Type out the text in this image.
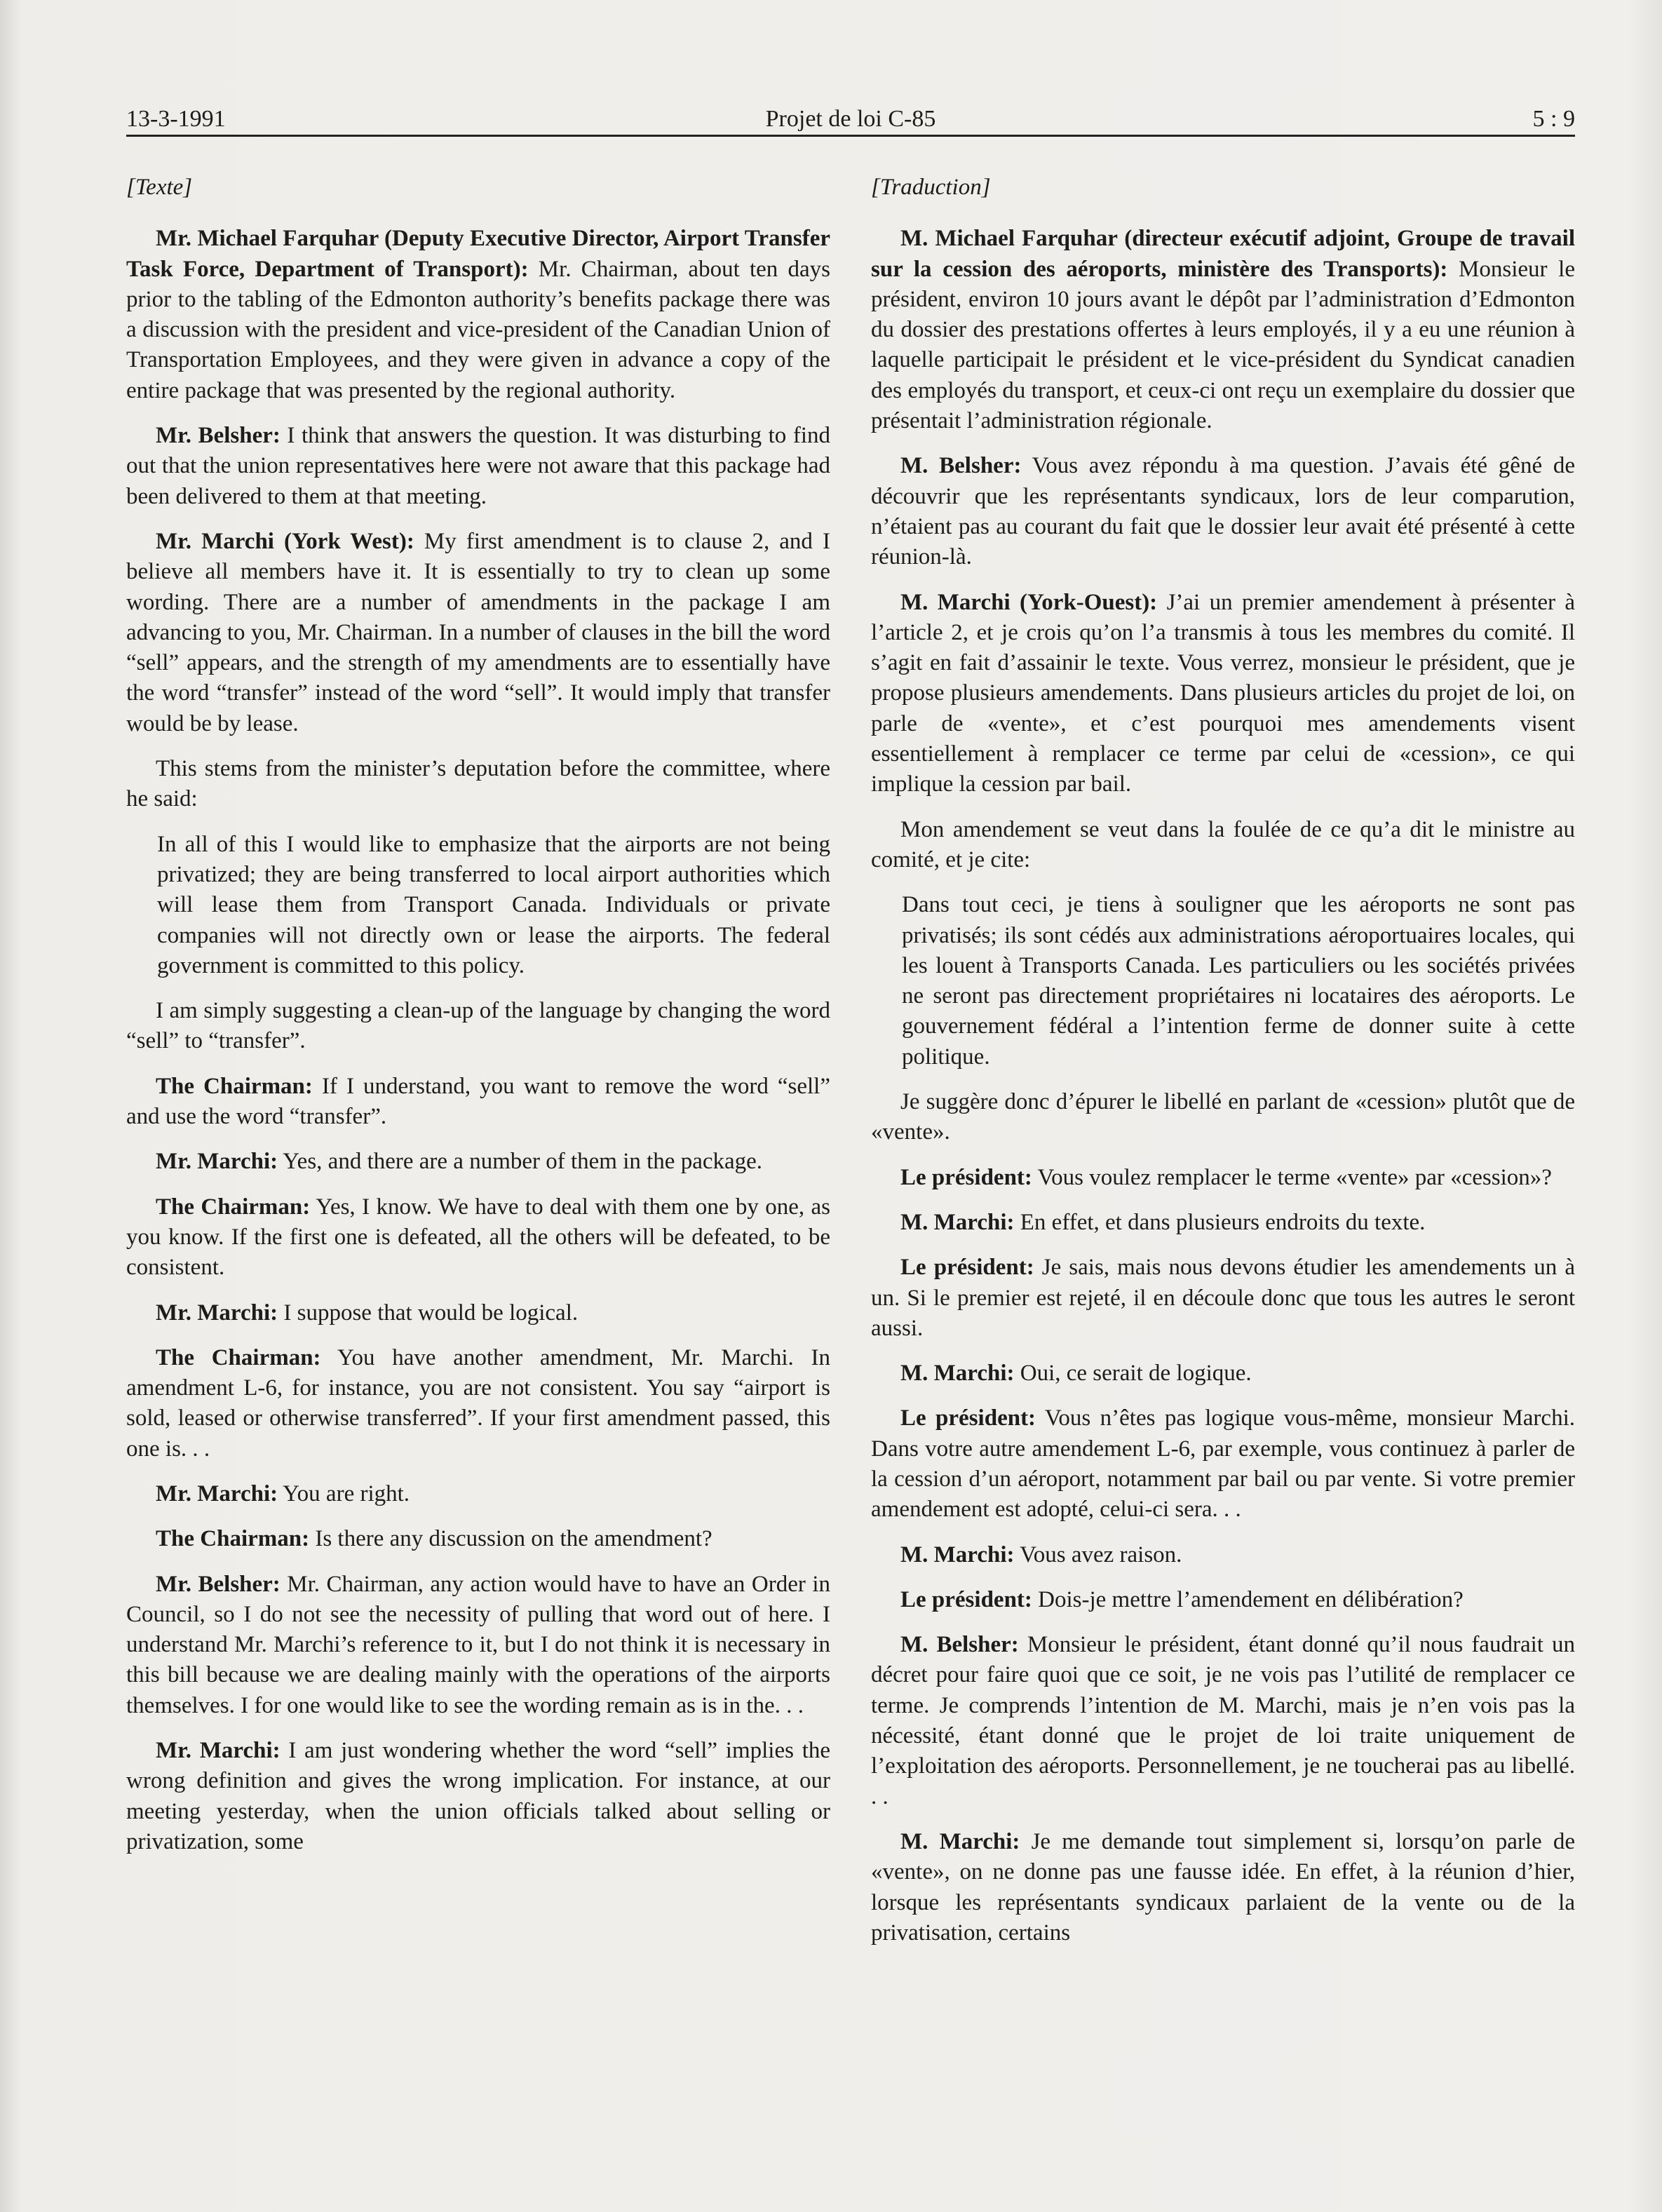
13-3-1991	Projet de loi C-85	5 : 9
[Texte]

Mr. Michael Farquhar (Deputy Executive Director, Airport Transfer Task Force, Department of Transport): Mr. Chairman, about ten days prior to the tabling of the Edmonton authority’s benefits package there was a discussion with the president and vice-president of the Canadian Union of Transportation Employees, and they were given in advance a copy of the entire package that was presented by the regional authority.

Mr. Belsher: I think that answers the question. It was disturbing to find out that the union representatives here were not aware that this package had been delivered to them at that meeting.

Mr. Marchi (York West): My first amendment is to clause 2, and I believe all members have it. It is essentially to try to clean up some wording. There are a number of amendments in the package I am advancing to you, Mr. Chairman. In a number of clauses in the bill the word “sell” appears, and the strength of my amendments are to essentially have the word “transfer” instead of the word “sell”. It would imply that transfer would be by lease.

This stems from the minister’s deputation before the committee, where he said:

In all of this I would like to emphasize that the airports are not being privatized; they are being transferred to local airport authorities which will lease them from Transport Canada. Individuals or private companies will not directly own or lease the airports. The federal government is committed to this policy.

I am simply suggesting a clean-up of the language by changing the word “sell” to “transfer”.

The Chairman: If I understand, you want to remove the word “sell” and use the word “transfer”.

Mr. Marchi: Yes, and there are a number of them in the package.

The Chairman: Yes, I know. We have to deal with them one by one, as you know. If the first one is defeated, all the others will be defeated, to be consistent.

Mr. Marchi: I suppose that would be logical.

The Chairman: You have another amendment, Mr. Marchi. In amendment L-6, for instance, you are not consistent. You say “airport is sold, leased or otherwise transferred”. If your first amendment passed, this one is. . .

Mr. Marchi: You are right.

The Chairman: Is there any discussion on the amendment?

Mr. Belsher: Mr. Chairman, any action would have to have an Order in Council, so I do not see the necessity of pulling that word out of here. I understand Mr. Marchi’s reference to it, but I do not think it is necessary in this bill because we are dealing mainly with the operations of the airports themselves. I for one would like to see the wording remain as is in the. . .

Mr. Marchi: I am just wondering whether the word “sell” implies the wrong definition and gives the wrong implication. For instance, at our meeting yesterday, when the union officials talked about selling or privatization, some

[Traduction]

M. Michael Farquhar (directeur exécutif adjoint, Groupe de travail sur la cession des aéroports, ministère des Transports): Monsieur le président, environ 10 jours avant le dépôt par l’administration d’Edmonton du dossier des prestations offertes à leurs employés, il y a eu une réunion à laquelle participait le président et le vice-président du Syndicat canadien des employés du transport, et ceux-ci ont reçu un exemplaire du dossier que présentait l’administration régionale.

M. Belsher: Vous avez répondu à ma question. J’avais été gêné de découvrir que les représentants syndicaux, lors de leur comparution, n’étaient pas au courant du fait que le dossier leur avait été présenté à cette réunion-là.

M. Marchi (York-Ouest): J’ai un premier amendement à présenter à l’article 2, et je crois qu’on l’a transmis à tous les membres du comité. Il s’agit en fait d’assainir le texte. Vous verrez, monsieur le président, que je propose plusieurs amendements. Dans plusieurs articles du projet de loi, on parle de «vente», et c’est pourquoi mes amendements visent essentiellement à remplacer ce terme par celui de «cession», ce qui implique la cession par bail.

Mon amendement se veut dans la foulée de ce qu’a dit le ministre au comité, et je cite:

Dans tout ceci, je tiens à souligner que les aéroports ne sont pas privatisés; ils sont cédés aux administrations aéroportuaires locales, qui les louent à Transports Canada. Les particuliers ou les sociétés privées ne seront pas directement propriétaires ni locataires des aéroports. Le gouvernement fédéral a l’intention ferme de donner suite à cette politique.

Je suggère donc d’épurer le libellé en parlant de «cession» plutôt que de «vente».

Le président: Vous voulez remplacer le terme «vente» par «cession»?

M. Marchi: En effet, et dans plusieurs endroits du texte.

Le président: Je sais, mais nous devons étudier les amendements un à un. Si le premier est rejeté, il en découle donc que tous les autres le seront aussi.

M. Marchi: Oui, ce serait de logique.

Le président: Vous n’êtes pas logique vous-même, monsieur Marchi. Dans votre autre amendement L-6, par exemple, vous continuez à parler de la cession d’un aéroport, notamment par bail ou par vente. Si votre premier amendement est adopté, celui-ci sera. . .

M. Marchi: Vous avez raison.

Le président: Dois-je mettre l’amendement en délibération?

M. Belsher: Monsieur le président, étant donné qu’il nous faudrait un décret pour faire quoi que ce soit, je ne vois pas l’utilité de remplacer ce terme. Je comprends l’intention de M. Marchi, mais je n’en vois pas la nécessité, étant donné que le projet de loi traite uniquement de l’exploitation des aéroports. Personnellement, je ne toucherai pas au libellé. . .

M. Marchi: Je me demande tout simplement si, lorsqu’on parle de «vente», on ne donne pas une fausse idée. En effet, à la réunion d’hier, lorsque les représentants syndicaux parlaient de la vente ou de la privatisation, certains
